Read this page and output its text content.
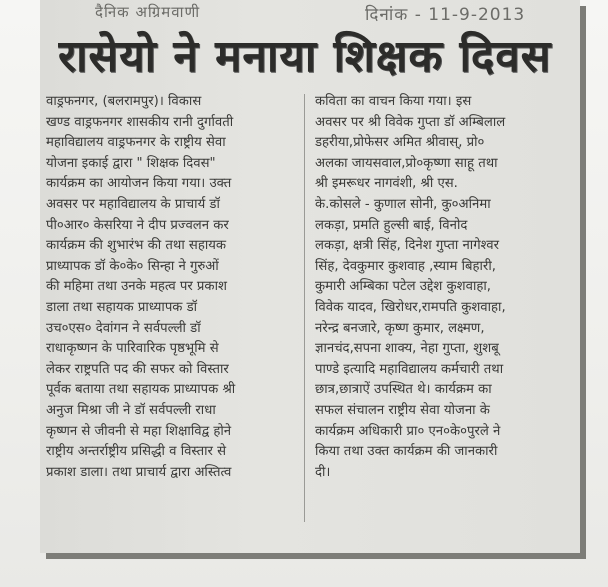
दैनिक अग्रिमवाणी	दिनांक - 11-9-2013
रासेयो ने मनाया शिक्षक दिवस
वाड्रफनगर, (बलरामपुर)। विकास
खण्ड वाड्रफनगर शासकीय रानी दुर्गावती
महाविद्यालय वाड्रफनगर के राष्ट्रीय सेवा
योजना इकाई द्वारा " शिक्षक दिवस"
कार्यक्रम का आयोजन किया गया। उक्त
अवसर पर महाविद्यालय के प्राचार्य डॉ
पी०आर० केसरिया ने दीप प्रज्वलन कर
कार्यक्रम की शुभारंभ की तथा सहायक
प्राध्यापक डॉ के०के० सिन्हा ने गुरुओं
की महिमा तथा उनके महत्व पर प्रकाश
डाला तथा सहायक प्राध्यापक डॉ
उच०एस० देवांगन ने सर्वपल्ली डॉ
राधाकृष्णन के पारिवारिक पृष्ठभूमि से
लेकर राष्ट्रपति पद की सफर को विस्तार
पूर्वक बताया तथा सहायक प्राध्यापक श्री
अनुज मिश्रा जी ने डॉ सर्वपल्ली राधा
कृष्णन से जीवनी से महा शिक्षाविद्व होने
राष्ट्रीय अन्तर्राष्ट्रीय प्रसिद्धी व विस्तार से
प्रकाश डाला। तथा प्राचार्य द्वारा अस्तित्व
कविता का वाचन किया गया। इस
अवसर पर श्री विवेक गुप्ता डॉ अम्बिलाल
डहरीया,प्रोफेसर अमित श्रीवास्, प्रो०
अलका जायसवाल,प्रो०कृष्णा साहू तथा
श्री इमरूधर नागवंशी, श्री एस.
के.कोसले - कुणाल सोनी, कु०अनिमा
लकड़ा, प्रमति हुल्सी बाई, विनोद
लकड़ा, क्षत्री सिंह, दिनेश गुप्ता नागेश्वर
सिंह, देवकुमार कुशवाह ,स्याम बिहारी,
कुमारी अम्बिका पटेल उद्देश कुशवाहा,
विवेक यादव, खिरोधर,रामपति कुशवाहा,
नरेन्द्र बनजारे, कृष्ण कुमार, लक्ष्मण,
ज्ञानचंद,सपना शाक्य, नेहा गुप्ता, शुशबू
पाण्डे इत्यादि महाविद्यालय कर्मचारी तथा
छात्र,छात्राऐं उपस्थित थे। कार्यक्रम का
सफल संचालन राष्ट्रीय सेवा योजना के
कार्यक्रम अधिकारी प्रा० एन०के०पुरले ने
किया तथा उक्त कार्यक्रम की जानकारी
दी।
